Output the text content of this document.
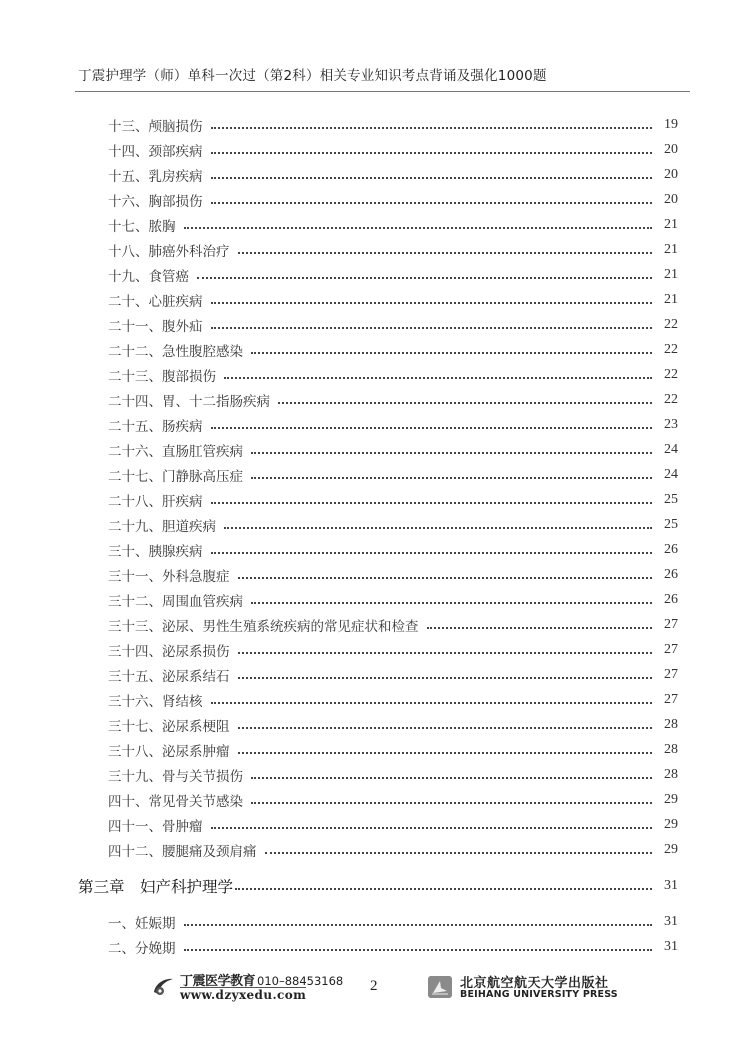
丁震护理学（师）单科一次过（第2科）相关专业知识考点背诵及强化1000题
十三、颅脑损伤	19
十四、颈部疾病	20
十五、乳房疾病	20
十六、胸部损伤	20
十七、脓胸	21
十八、肺癌外科治疗	21
十九、食管癌	21
二十、心脏疾病	21
二十一、腹外疝	22
二十二、急性腹腔感染	22
二十三、腹部损伤	22
二十四、胃、十二指肠疾病	22
二十五、肠疾病	23
二十六、直肠肛管疾病	24
二十七、门静脉高压症	24
二十八、肝疾病	25
二十九、胆道疾病	25
三十、胰腺疾病	26
三十一、外科急腹症	26
三十二、周围血管疾病	26
三十三、泌尿、男性生殖系统疾病的常见症状和检查	27
三十四、泌尿系损伤	27
三十五、泌尿系结石	27
三十六、肾结核	27
三十七、泌尿系梗阻	28
三十八、泌尿系肿瘤	28
三十九、骨与关节损伤	28
四十、常见骨关节感染	29
四十一、骨肿瘤	29
四十二、腰腿痛及颈肩痛	29
第三章　妇产科护理学	31
一、妊娠期	31
二、分娩期	31
丁震医学教育 010–88453168
www.dzyxedu.com
2	北京航空航天大学出版社
BEIHANG UNIVERSITY PRESS
